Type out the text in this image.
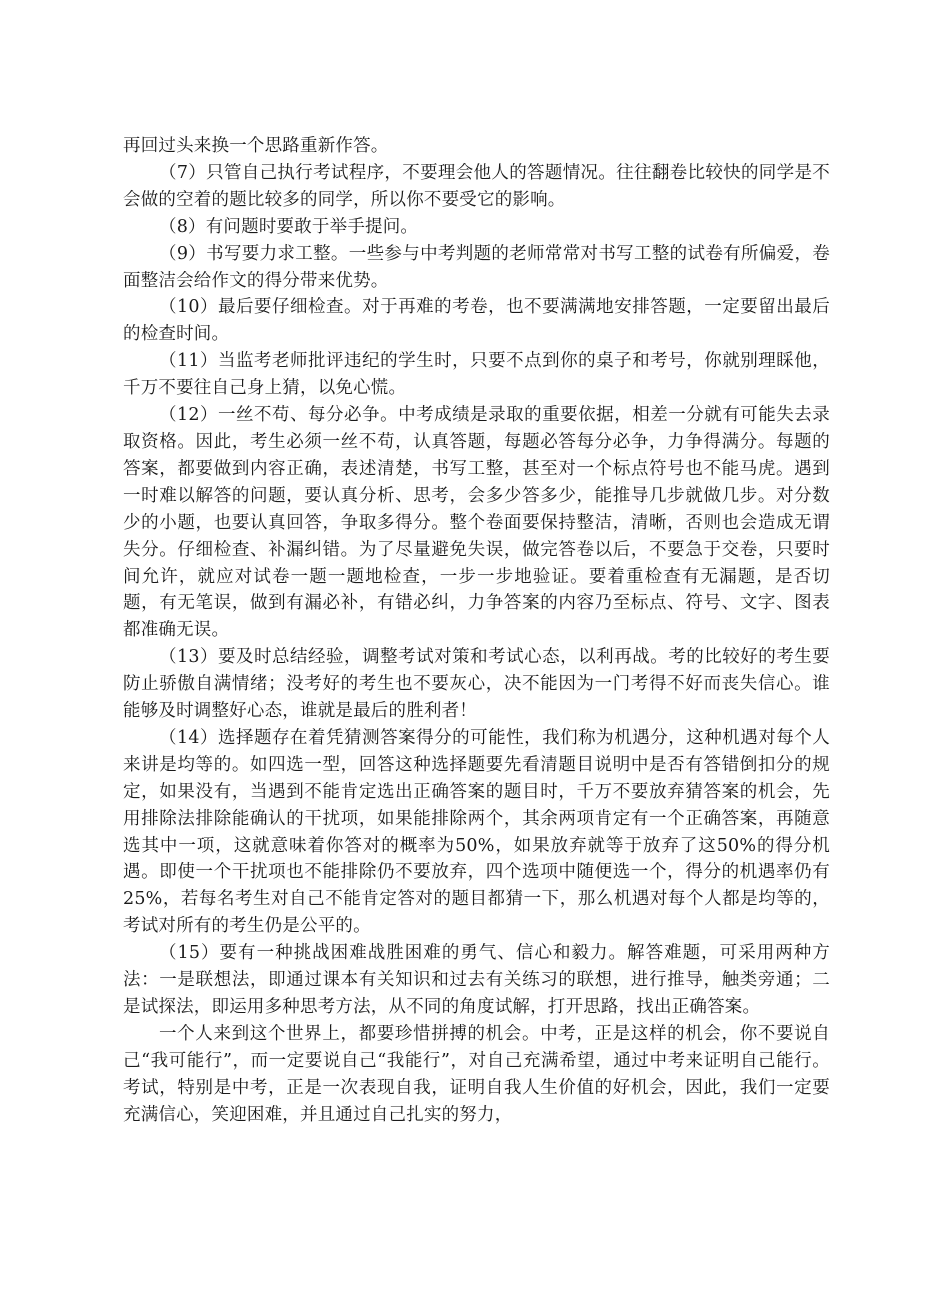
再回过头来换一个思路重新作答。

（7）只管自己执行考试程序，不要理会他人的答题情况。往往翻卷比较快的同学是不会做的空着的题比较多的同学，所以你不要受它的影响。

（8）有问题时要敢于举手提问。

（9）书写要力求工整。一些参与中考判题的老师常常对书写工整的试卷有所偏爱，卷面整洁会给作文的得分带来优势。

（10）最后要仔细检查。对于再难的考卷，也不要满满地安排答题，一定要留出最后的检查时间。

（11）当监考老师批评违纪的学生时，只要不点到你的桌子和考号，你就别理睬他，千万不要往自己身上猜，以免心慌。

（12）一丝不苟、每分必争。中考成绩是录取的重要依据，相差一分就有可能失去录取资格。因此，考生必须一丝不苟，认真答题，每题必答每分必争，力争得满分。每题的答案，都要做到内容正确，表述清楚，书写工整，甚至对一个标点符号也不能马虎。遇到一时难以解答的问题，要认真分析、思考，会多少答多少，能推导几步就做几步。对分数少的小题，也要认真回答，争取多得分。整个卷面要保持整洁，清晰，否则也会造成无谓失分。仔细检查、补漏纠错。为了尽量避免失误，做完答卷以后，不要急于交卷，只要时间允许，就应对试卷一题一题地检查，一步一步地验证。要着重检查有无漏题，是否切题，有无笔误，做到有漏必补，有错必纠，力争答案的内容乃至标点、符号、文字、图表都准确无误。

（13）要及时总结经验，调整考试对策和考试心态，以利再战。考的比较好的考生要防止骄傲自满情绪；没考好的考生也不要灰心，决不能因为一门考得不好而丧失信心。谁能够及时调整好心态，谁就是最后的胜利者！

（14）选择题存在着凭猜测答案得分的可能性，我们称为机遇分，这种机遇对每个人来讲是均等的。如四选一型，回答这种选择题要先看清题目说明中是否有答错倒扣分的规定，如果没有，当遇到不能肯定选出正确答案的题目时，千万不要放弃猜答案的机会，先用排除法排除能确认的干扰项，如果能排除两个，其余两项肯定有一个正确答案，再随意选其中一项，这就意味着你答对的概率为50%，如果放弃就等于放弃了这50%的得分机遇。即使一个干扰项也不能排除仍不要放弃，四个选项中随便选一个，得分的机遇率仍有25%，若每名考生对自己不能肯定答对的题目都猜一下，那么机遇对每个人都是均等的，考试对所有的考生仍是公平的。

（15）要有一种挑战困难战胜困难的勇气、信心和毅力。解答难题，可采用两种方法：一是联想法，即通过课本有关知识和过去有关练习的联想，进行推导，触类旁通；二是试探法，即运用多种思考方法，从不同的角度试解，打开思路，找出正确答案。

一个人来到这个世界上，都要珍惜拼搏的机会。中考，正是这样的机会，你不要说自己“我可能行”，而一定要说自己“我能行”，对自己充满希望，通过中考来证明自己能行。考试，特别是中考，正是一次表现自我，证明自我人生价值的好机会，因此，我们一定要充满信心，笑迎困难，并且通过自己扎实的努力，
